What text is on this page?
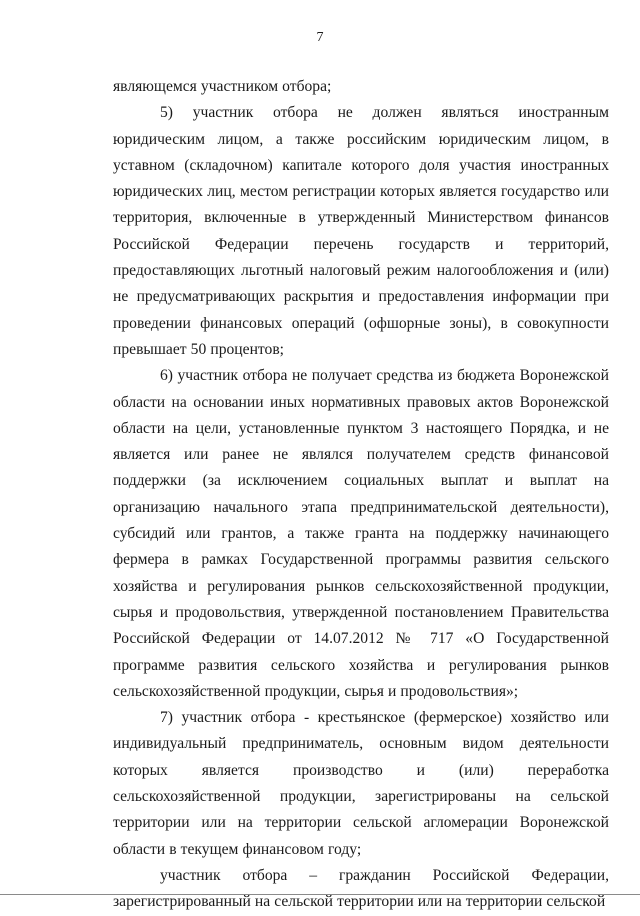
7

являющемся участником отбора;

5) участник отбора не должен являться иностранным юридическим лицом, а также российским юридическим лицом, в уставном (складочном) капитале которого доля участия иностранных юридических лиц, местом регистрации которых является государство или территория, включенные в утвержденный Министерством финансов Российской Федерации перечень государств и территорий, предоставляющих льготный налоговый режим налогообложения и (или) не предусматривающих раскрытия и предоставления информации при проведении финансовых операций (офшорные зоны), в совокупности превышает 50 процентов;

6) участник отбора не получает средства из бюджета Воронежской области на основании иных нормативных правовых актов Воронежской области на цели, установленные пунктом 3 настоящего Порядка, и не является или ранее не являлся получателем средств финансовой поддержки (за исключением социальных выплат и выплат на организацию начального этапа предпринимательской деятельности), субсидий или грантов, а также гранта на поддержку начинающего фермера в рамках Государственной программы развития сельского хозяйства и регулирования рынков сельскохозяйственной продукции, сырья и продовольствия, утвержденной постановлением Правительства Российской Федерации от 14.07.2012 № 717 «О Государственной программе развития сельского хозяйства и регулирования рынков сельскохозяйственной продукции, сырья и продовольствия»;

7) участник отбора - крестьянское (фермерское) хозяйство или индивидуальный предприниматель, основным видом деятельности которых является производство и (или) переработка сельскохозяйственной продукции, зарегистрированы на сельской территории или на территории сельской агломерации Воронежской области в текущем финансовом году;

участник отбора – гражданин Российской Федерации, зарегистрированный на сельской территории или на территории сельской
